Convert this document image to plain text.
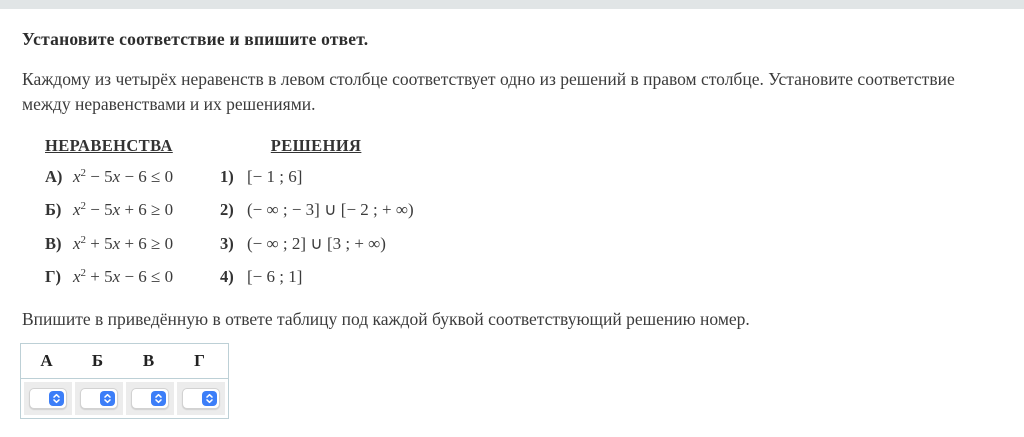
Установите соответствие и впишите ответ.

Каждому из четырёх неравенств в левом столбце соответствует одно из решений в правом столбце. Установите соответствие между неравенствами и их решениями.

НЕРАВЕНСТВА	РЕШЕНИЯ
А) $x^2 - 5x - 6 \le 0$	1) [− 1 ; 6]
Б) $x^2 - 5x + 6 \ge 0$	2) (− ∞ ; − 3] ∪ [− 2 ; + ∞)
В) $x^2 + 5x + 6 \ge 0$	3) (− ∞ ; 2] ∪ [3 ; + ∞)
Г) $x^2 + 5x - 6 \le 0$	4) [− 6 ; 1]

Впишите в приведённую в ответе таблицу под каждой буквой соответствующий решению номер.

А	Б	В	Г
